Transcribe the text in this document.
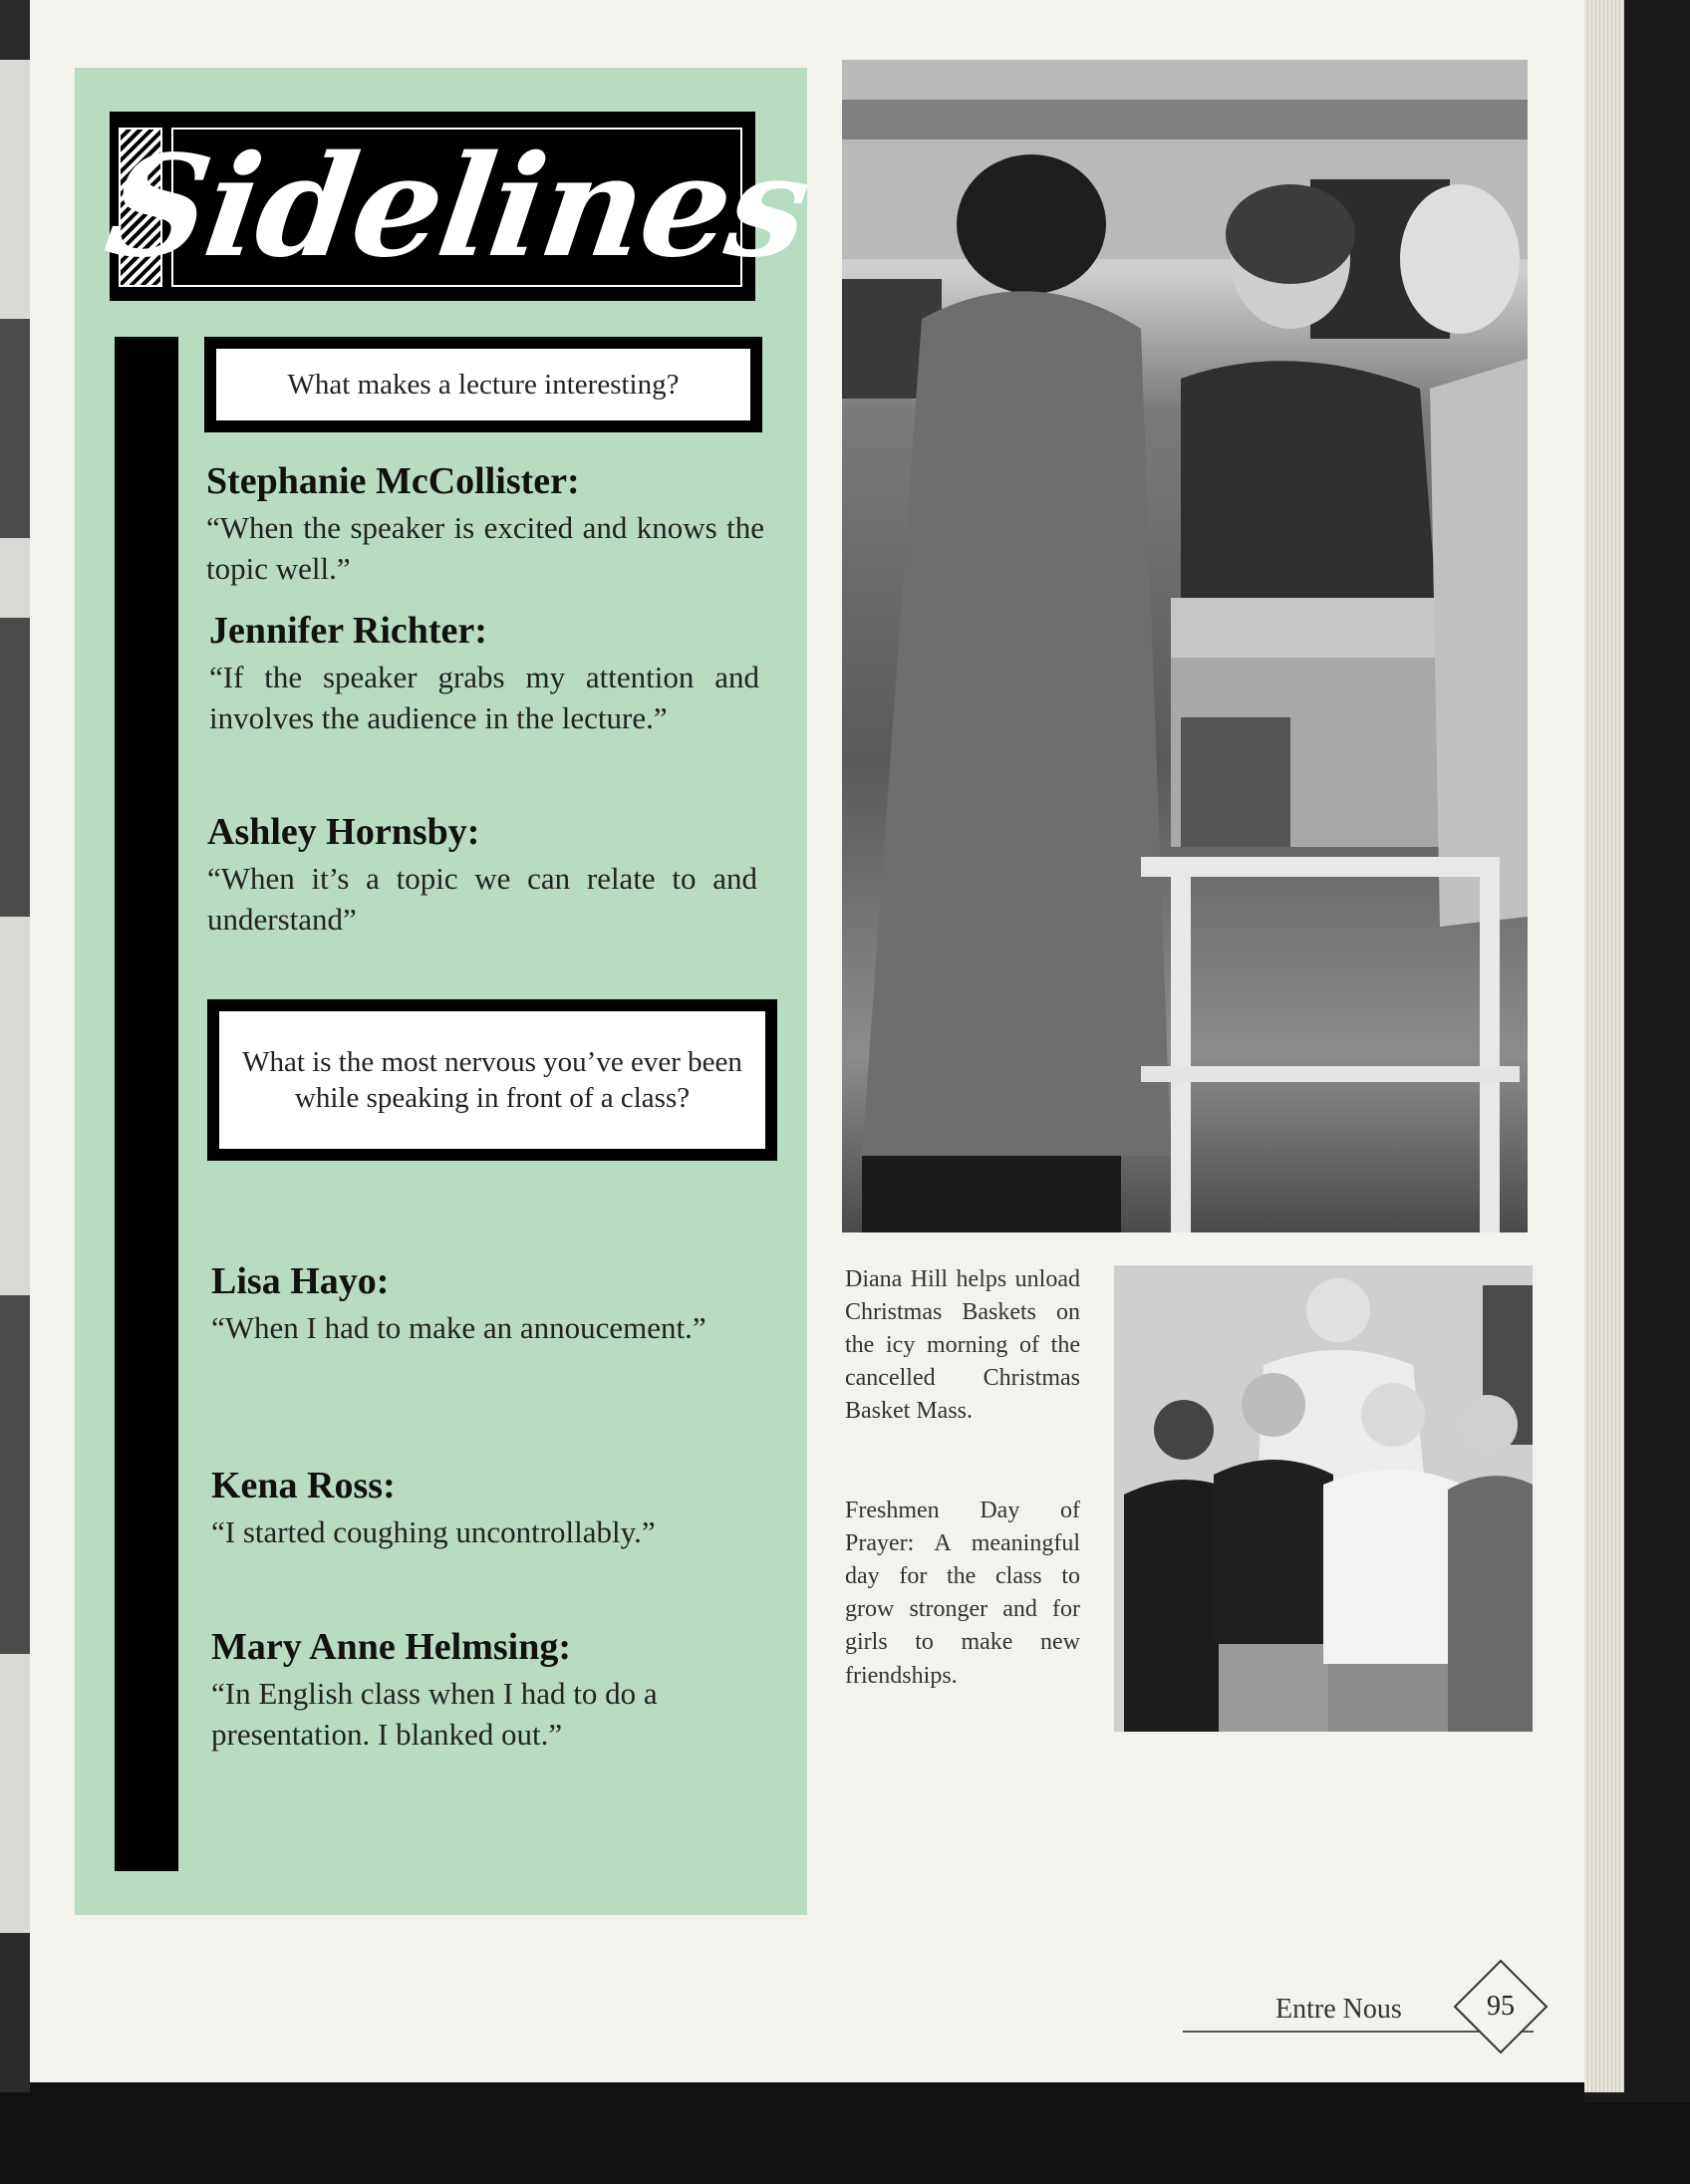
Sidelines
What makes a lecture interesting?
Stephanie McCollister:
“When the speaker is excited and knows the topic well.”
Jennifer Richter:
“If the speaker grabs my attention and involves the audience in the lecture.”
Ashley Hornsby:
“When it’s a topic we can relate to and understand”
What is the most nervous you’ve ever been while speaking in front of a class?
Lisa Hayo:
“When I had to make an annoucement.”
Kena Ross:
“I started coughing uncontrollably.”
Mary Anne Helmsing:
“In English class when I had to do a presentation. I blanked out.”
Diana Hill helps unload Christmas Baskets on the icy morning of the cancelled Christmas Basket Mass.
Freshmen Day of Prayer: A meaningful day for the class to grow stronger and for girls to make new friendships.
Entre Nous	95
